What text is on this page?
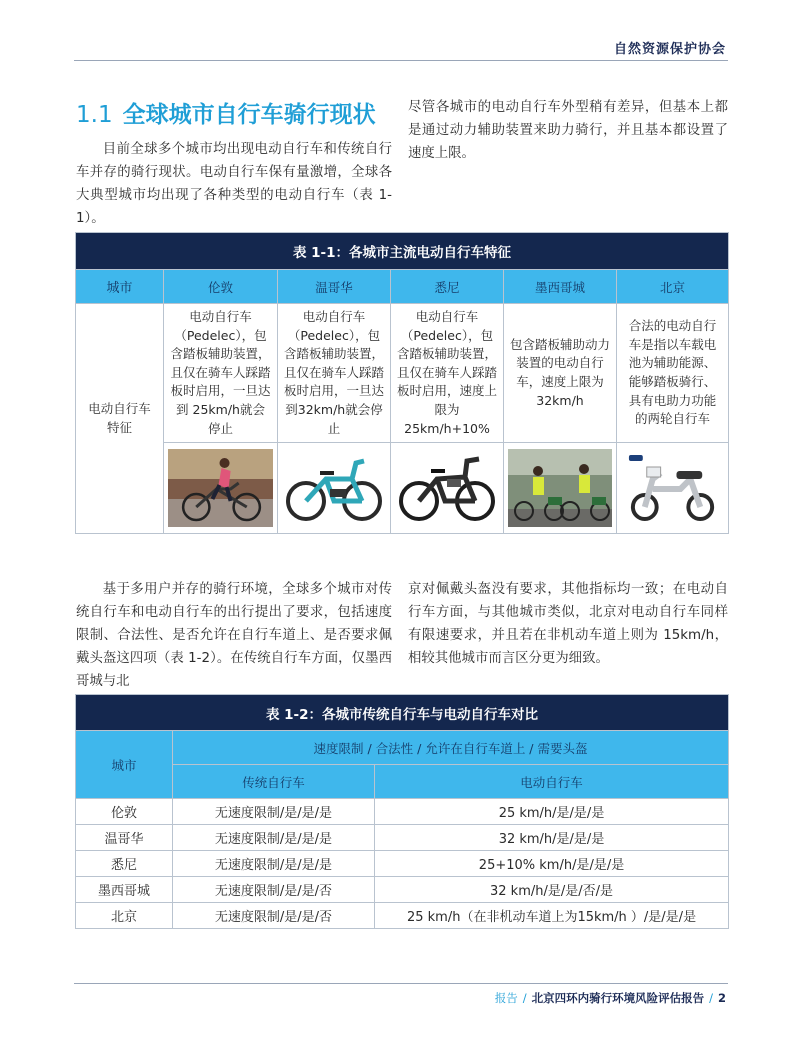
自然资源保护协会
1.1 全球城市自行车骑行现状

目前全球多个城市均出现电动自行车和传统自行车并存的骑行现状。电动自行车保有量激增，全球各大典型城市均出现了各种类型的电动自行车（表 1-1）。

尽管各城市的电动自行车外型稍有差异，但基本上都是通过动力辅助装置来助力骑行，并且基本都设置了速度上限。

表 1-1：各城市主流电动自行车特征					
城市	伦敦	温哥华	悉尼	墨西哥城	北京
电动自行车特征	电动自行车（Pedelec），包含踏板辅助装置，且仅在骑车人踩踏板时启用，一旦达到 25km/h就会停止	电动自行车（Pedelec），包含踏板辅助装置，且仅在骑车人踩踏板时启用，一旦达到32km/h就会停止	电动自行车（Pedelec），包含踏板辅助装置，且仅在骑车人踩踏板时启用，速度上限为25km/h+10%	包含踏板辅助动力装置的电动自行车，速度上限为32km/h	合法的电动自行车是指以车载电池为辅助能源、能够踏板骑行、具有电助力功能的两轮自行车

基于多用户并存的骑行环境，全球多个城市对传统自行车和电动自行车的出行提出了要求，包括速度限制、合法性、是否允许在自行车道上、是否要求佩戴头盔这四项（表 1-2）。在传统自行车方面，仅墨西哥城与北

京对佩戴头盔没有要求，其他指标均一致；在电动自行车方面，与其他城市类似，北京对电动自行车同样有限速要求，并且若在非机动车道上则为 15km/h，相较其他城市而言区分更为细致。

表 1-2：各城市传统自行车与电动自行车对比		
城市	速度限制 / 合法性 / 允许在自行车道上 / 需要头盔	
	传统自行车	电动自行车
伦敦	无速度限制/是/是/是	25 km/h/是/是/是
温哥华	无速度限制/是/是/是	32 km/h/是/是/是
悉尼	无速度限制/是/是/是	25+10% km/h/是/是/是
墨西哥城	无速度限制/是/是/否	32 km/h/是/是/否/是
北京	无速度限制/是/是/否	25 km/h（在非机动车道上为15km/h ）/是/是/是
报告 / 北京四环内骑行环境风险评估报告 / 2
